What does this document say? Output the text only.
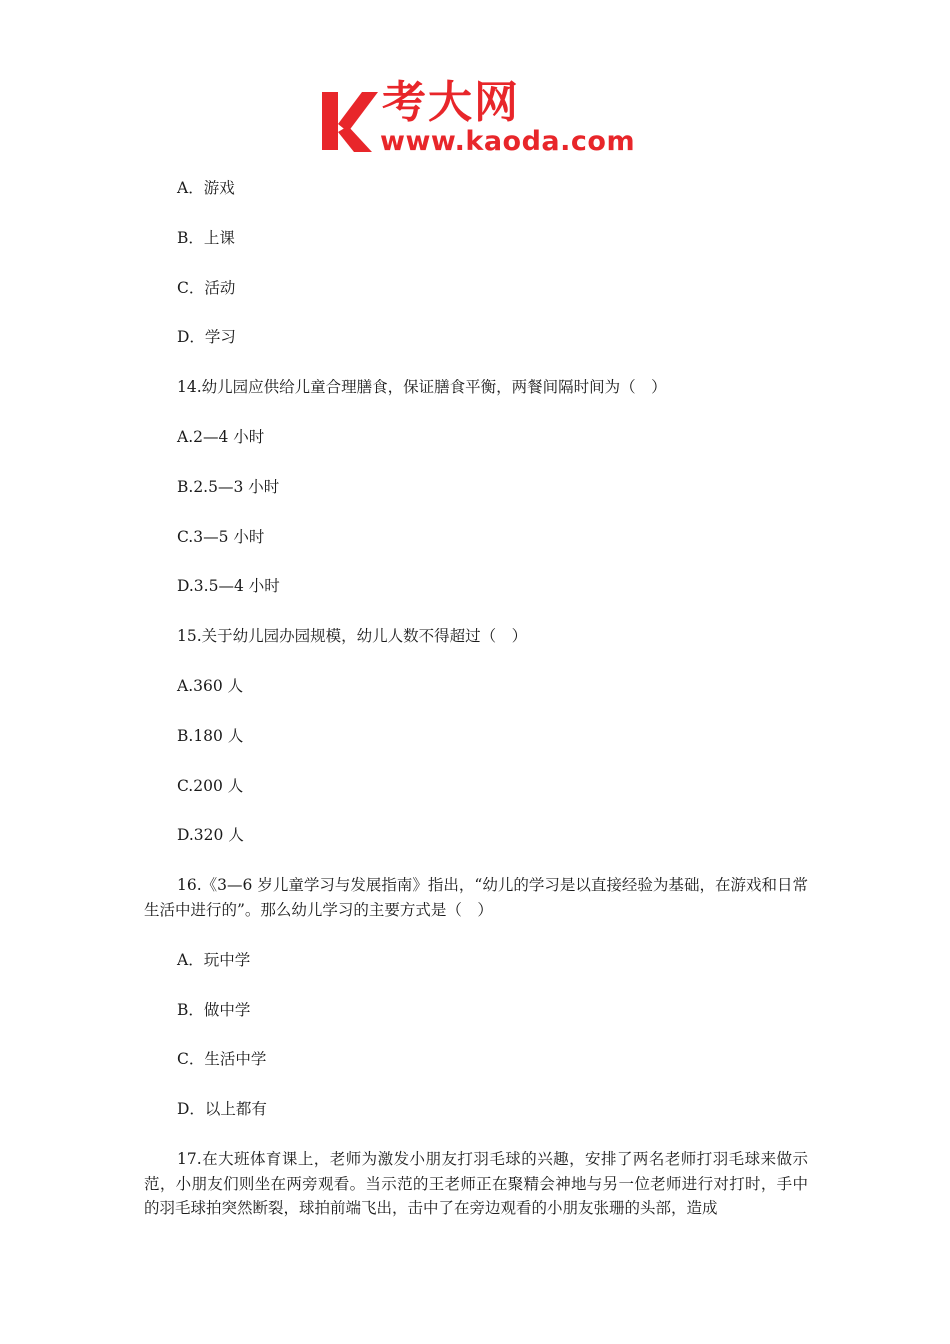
考大网
www.kaoda.com
A．游戏
B．上课
C．活动
D．学习
14.幼儿园应供给儿童合理膳食，保证膳食平衡，两餐间隔时间为（　）
A.2—4 小时
B.2.5—3 小时
C.3—5 小时
D.3.5—4 小时
15.关于幼儿园办园规模，幼儿人数不得超过（　）
A.360 人
B.180 人
C.200 人
D.320 人
16.《3—6 岁儿童学习与发展指南》指出，“幼儿的学习是以直接经验为基础，在游戏和日常生活中进行的”。那么幼儿学习的主要方式是（　）
A．玩中学
B．做中学
C．生活中学
D．以上都有
17.在大班体育课上，老师为激发小朋友打羽毛球的兴趣，安排了两名老师打羽毛球来做示范，小朋友们则坐在两旁观看。当示范的王老师正在聚精会神地与另一位老师进行对打时，手中的羽毛球拍突然断裂，球拍前端飞出，击中了在旁边观看的小朋友张珊的头部，造成
